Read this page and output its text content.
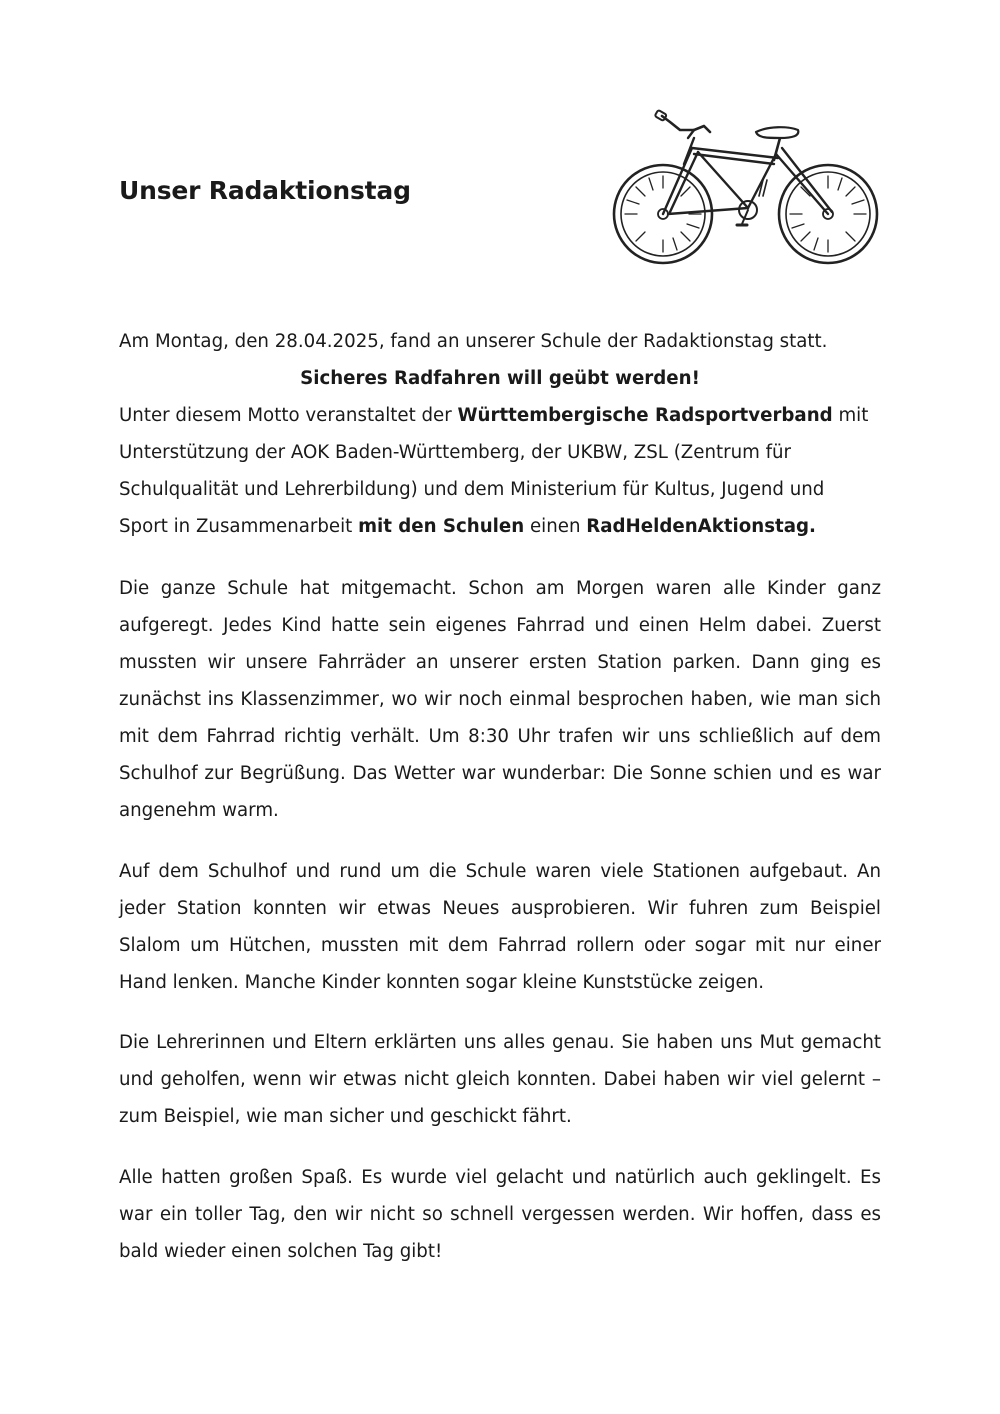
Unser Radaktionstag
Am Montag, den 28.04.2025, fand an unserer Schule der Radaktionstag statt.
Sicheres Radfahren will geübt werden!
Unter diesem Motto veranstaltet der Württembergische Radsportverband mit
Unterstützung der AOK Baden-Württemberg, der UKBW, ZSL (Zentrum für
Schulqualität und Lehrerbildung) und dem Ministerium für Kultus, Jugend und
Sport in Zusammenarbeit mit den Schulen einen RadHeldenAktionstag.

Die ganze Schule hat mitgemacht. Schon am Morgen waren alle Kinder ganz aufgeregt. Jedes Kind hatte sein eigenes Fahrrad und einen Helm dabei. Zuerst mussten wir unsere Fahrräder an unserer ersten Station parken. Dann ging es zunächst ins Klassenzimmer, wo wir noch einmal besprochen haben, wie man sich mit dem Fahrrad richtig verhält. Um 8:30 Uhr trafen wir uns schließlich auf dem Schulhof zur Begrüßung. Das Wetter war wunderbar: Die Sonne schien und es war angenehm warm.

Auf dem Schulhof und rund um die Schule waren viele Stationen aufgebaut. An jeder Station konnten wir etwas Neues ausprobieren. Wir fuhren zum Beispiel Slalom um Hütchen, mussten mit dem Fahrrad rollern oder sogar mit nur einer Hand lenken. Manche Kinder konnten sogar kleine Kunststücke zeigen.

Die Lehrerinnen und Eltern erklärten uns alles genau. Sie haben uns Mut gemacht und geholfen, wenn wir etwas nicht gleich konnten. Dabei haben wir viel gelernt – zum Beispiel, wie man sicher und geschickt fährt.

Alle hatten großen Spaß. Es wurde viel gelacht und natürlich auch geklingelt. Es war ein toller Tag, den wir nicht so schnell vergessen werden. Wir hoffen, dass es bald wieder einen solchen Tag gibt!
